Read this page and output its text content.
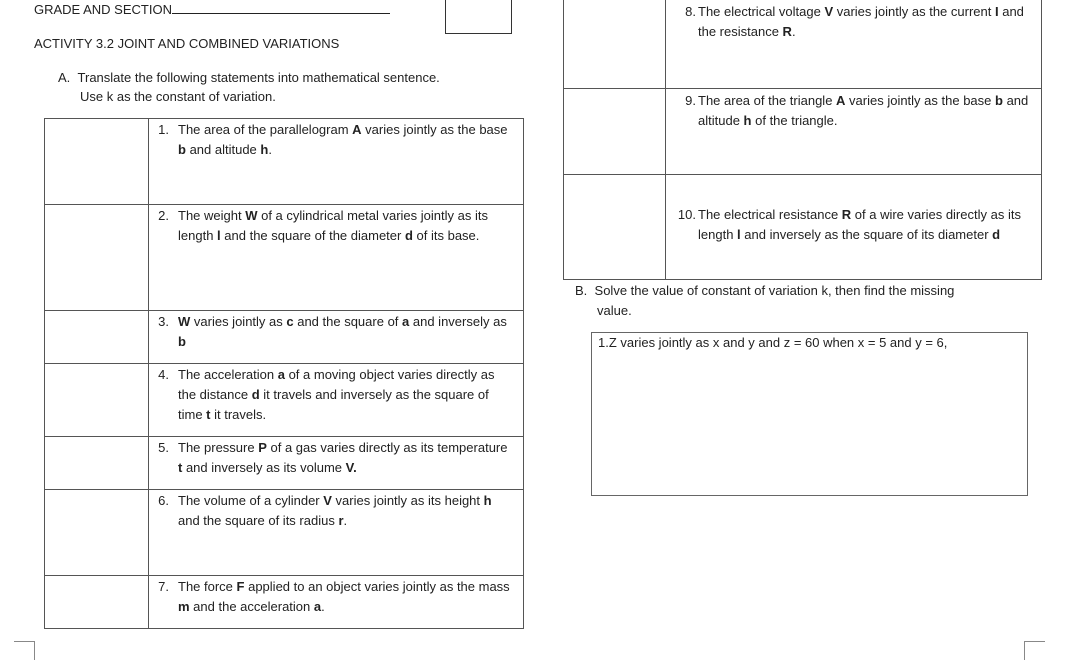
GRADE AND SECTION
ACTIVITY 3.2 JOINT AND COMBINED VARIATIONS
A. Translate the following statements into mathematical sentence.
Use k as the constant of variation.

	1. The area of the parallelogram A varies jointly as the base b and altitude h.

	2. The weight W of a cylindrical metal varies jointly as its length l and the square of the diameter d of its base.

	3. W varies jointly as c and the square of a and inversely as b

	4. The acceleration a of a moving object varies directly as the distance d it travels and inversely as the square of time t it travels.

	5. The pressure P of a gas varies directly as its temperature t and inversely as its volume V.

	6. The volume of a cylinder V varies jointly as its height h and the square of its radius r.

	7. The force F applied to an object varies jointly as the mass m and the acceleration a.

	8. The electrical voltage V varies jointly as the current I and the resistance R.

	9. The area of the triangle A varies jointly as the base b and altitude h of the triangle.

	10. The electrical resistance R of a wire varies directly as its length l and inversely as the square of its diameter d
B. Solve the value of constant of variation k, then find the missing
value.
1.Z varies jointly as x and y and z = 60 when x = 5 and y = 6,
